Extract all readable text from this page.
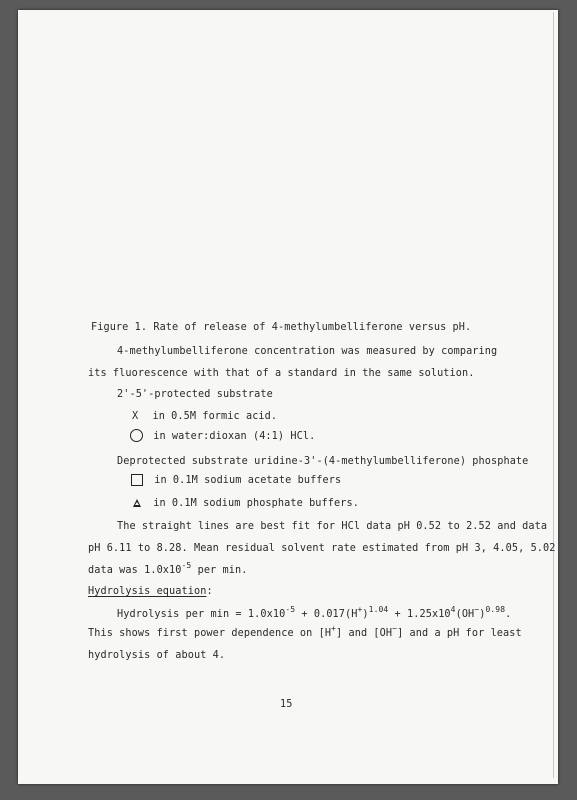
Figure 1. Rate of release of 4-methylumbelliferone versus pH.
4-methylumbelliferone concentration was measured by comparing
its fluorescence with that of a standard in the same solution.
2'-5'-protected substrate
X in 0.5M formic acid.
in water:dioxan (4:1) HCl.
Deprotected substrate uridine-3'-(4-methylumbelliferone) phosphate
in 0.1M sodium acetate buffers
in 0.1M sodium phosphate buffers.
The straight lines are best fit for HCl data pH 0.52 to 2.52 and data
pH 6.11 to 8.28. Mean residual solvent rate estimated from pH 3, 4.05, 5.02
data was $1.0x10^{-5}$ per min.
Hydrolysis equation:
Hydrolysis per $\min = 1.0x10^{-5} + 0.017(H^+)^{1.04} + 1.25x10^4(OH^-)^{0.98}$.
This shows first power dependence on [H+] and [OH−] and a pH for least
hydrolysis of about 4.
15
